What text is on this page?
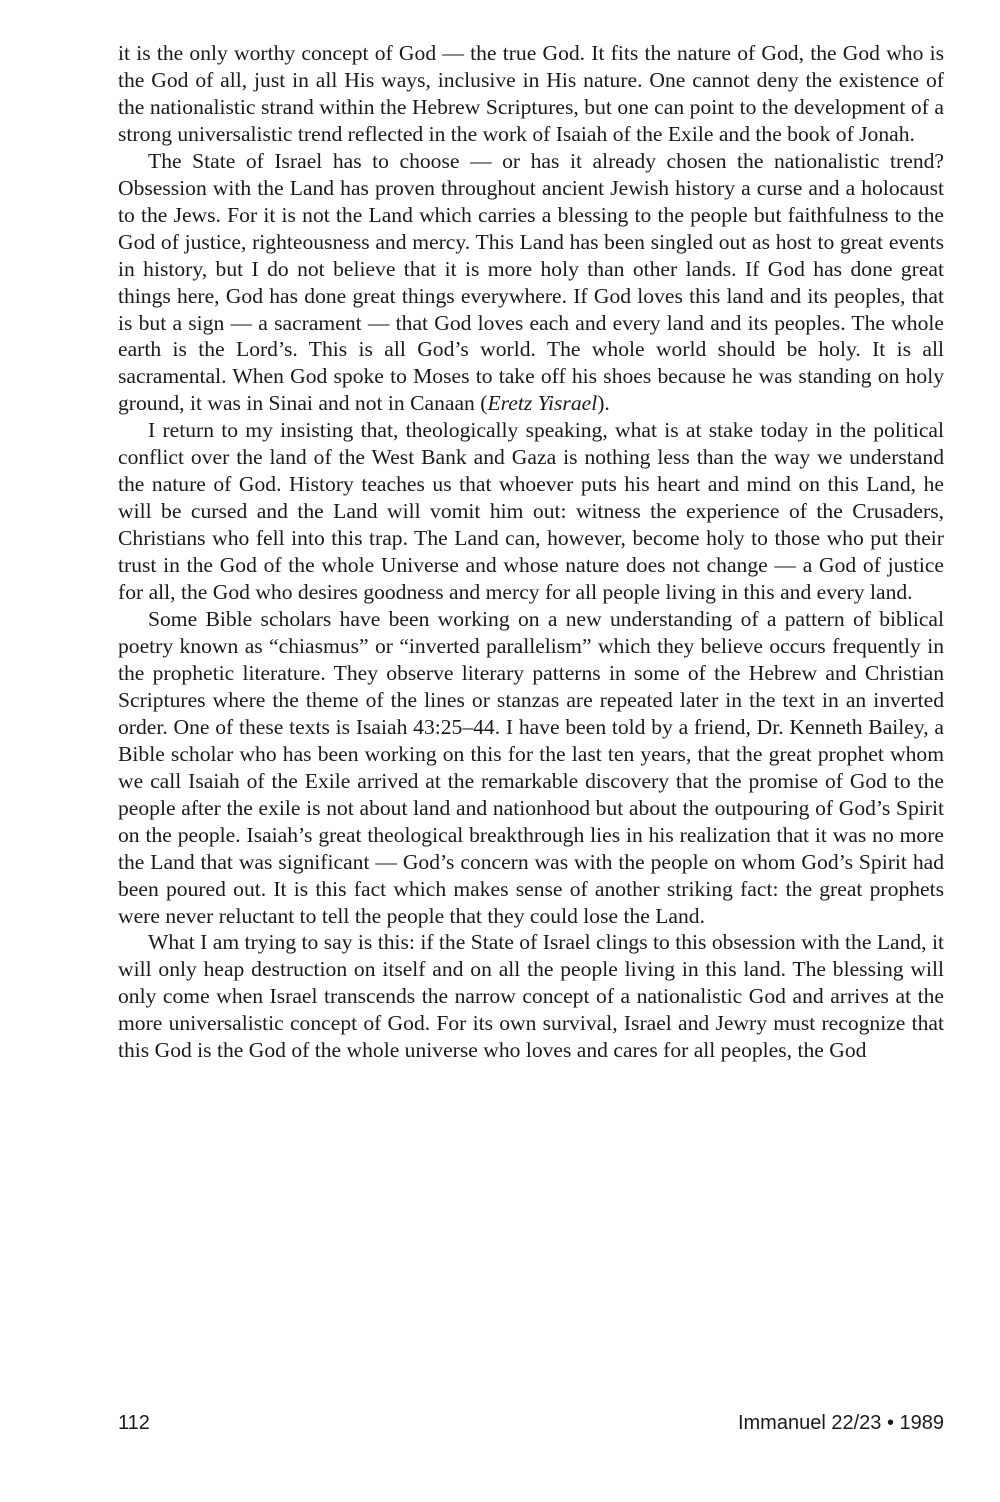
it is the only worthy concept of God — the true God. It fits the nature of God, the God who is the God of all, just in all His ways, inclusive in His nature. One cannot deny the existence of the nationalistic strand within the Hebrew Scriptures, but one can point to the development of a strong universalistic trend reflected in the work of Isaiah of the Exile and the book of Jonah.

The State of Israel has to choose — or has it already chosen the nationalistic trend? Obsession with the Land has proven throughout ancient Jewish history a curse and a holocaust to the Jews. For it is not the Land which carries a blessing to the people but faithfulness to the God of justice, righteousness and mercy. This Land has been singled out as host to great events in history, but I do not believe that it is more holy than other lands. If God has done great things here, God has done great things everywhere. If God loves this land and its peoples, that is but a sign — a sacrament — that God loves each and every land and its peoples. The whole earth is the Lord’s. This is all God’s world. The whole world should be holy. It is all sacramental. When God spoke to Moses to take off his shoes because he was standing on holy ground, it was in Sinai and not in Canaan (Eretz Yisrael).

I return to my insisting that, theologically speaking, what is at stake today in the political conflict over the land of the West Bank and Gaza is nothing less than the way we understand the nature of God. History teaches us that whoever puts his heart and mind on this Land, he will be cursed and the Land will vomit him out: witness the experience of the Crusaders, Christians who fell into this trap. The Land can, however, become holy to those who put their trust in the God of the whole Universe and whose nature does not change — a God of justice for all, the God who desires goodness and mercy for all people living in this and every land.

Some Bible scholars have been working on a new understanding of a pattern of biblical poetry known as “chiasmus” or “inverted parallelism” which they believe occurs frequently in the prophetic literature. They observe literary patterns in some of the Hebrew and Christian Scriptures where the theme of the lines or stanzas are repeated later in the text in an inverted order. One of these texts is Isaiah 43:25–44. I have been told by a friend, Dr. Kenneth Bailey, a Bible scholar who has been working on this for the last ten years, that the great prophet whom we call Isaiah of the Exile arrived at the remarkable discovery that the promise of God to the people after the exile is not about land and nationhood but about the outpouring of God’s Spirit on the people. Isaiah’s great theological breakthrough lies in his realization that it was no more the Land that was significant — God’s concern was with the people on whom God’s Spirit had been poured out. It is this fact which makes sense of another striking fact: the great prophets were never reluctant to tell the people that they could lose the Land.

What I am trying to say is this: if the State of Israel clings to this obsession with the Land, it will only heap destruction on itself and on all the people living in this land. The blessing will only come when Israel transcends the narrow concept of a nationalistic God and arrives at the more universalistic concept of God. For its own survival, Israel and Jewry must recognize that this God is the God of the whole universe who loves and cares for all peoples, the God

112	Immanuel 22/23 • 1989
